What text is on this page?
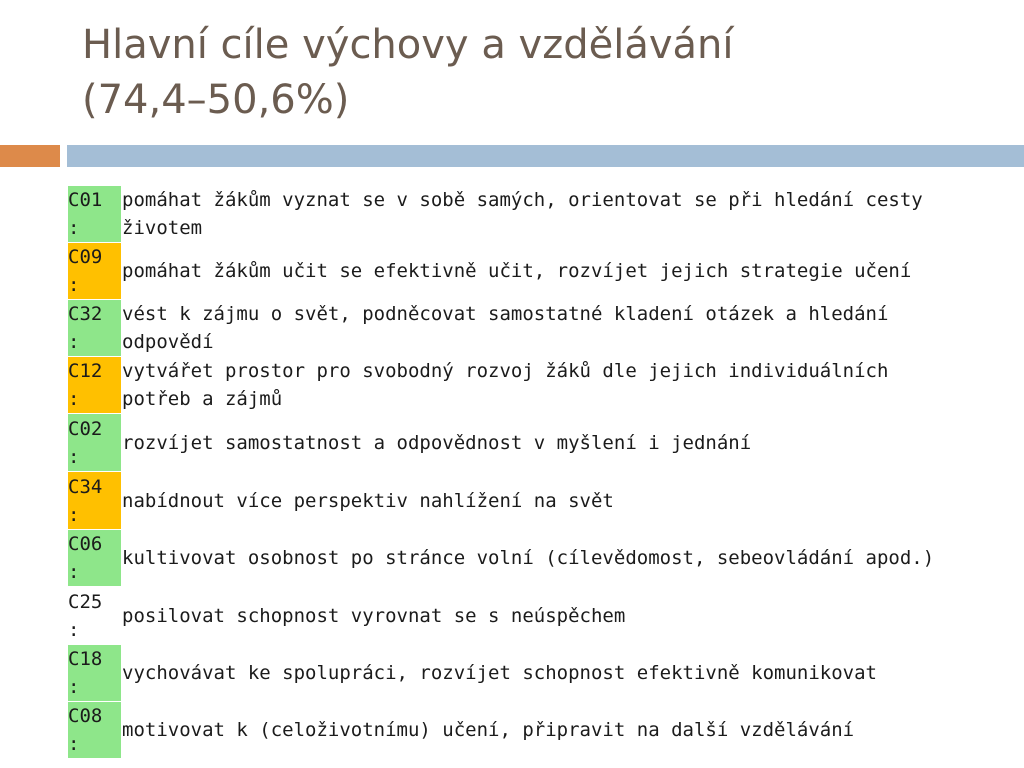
Hlavní cíle výchovy a vzdělávání
(74,4–50,6%)
C01
:	pomáhat žákům vyznat se v sobě samých, orientovat se při hledání cesty životem

C09
:	pomáhat žákům učit se efektivně učit, rozvíjet jejich strategie učení

C32
:	vést k zájmu o svět, podněcovat samostatné kladení otázek a hledání odpovědí

C12
:	vytvářet prostor pro svobodný rozvoj žáků dle jejich individuálních potřeb a zájmů

C02
:	rozvíjet samostatnost a odpovědnost v myšlení i jednání

C34
:	nabídnout více perspektiv nahlížení na svět

C06
:	kultivovat osobnost po stránce volní (cílevědomost, sebeovládání apod.)

C25
:	posilovat schopnost vyrovnat se s neúspěchem

C18
:	vychovávat ke spolupráci, rozvíjet schopnost efektivně komunikovat

C08
:	motivovat k (celoživotnímu) učení, připravit na další vzdělávání
